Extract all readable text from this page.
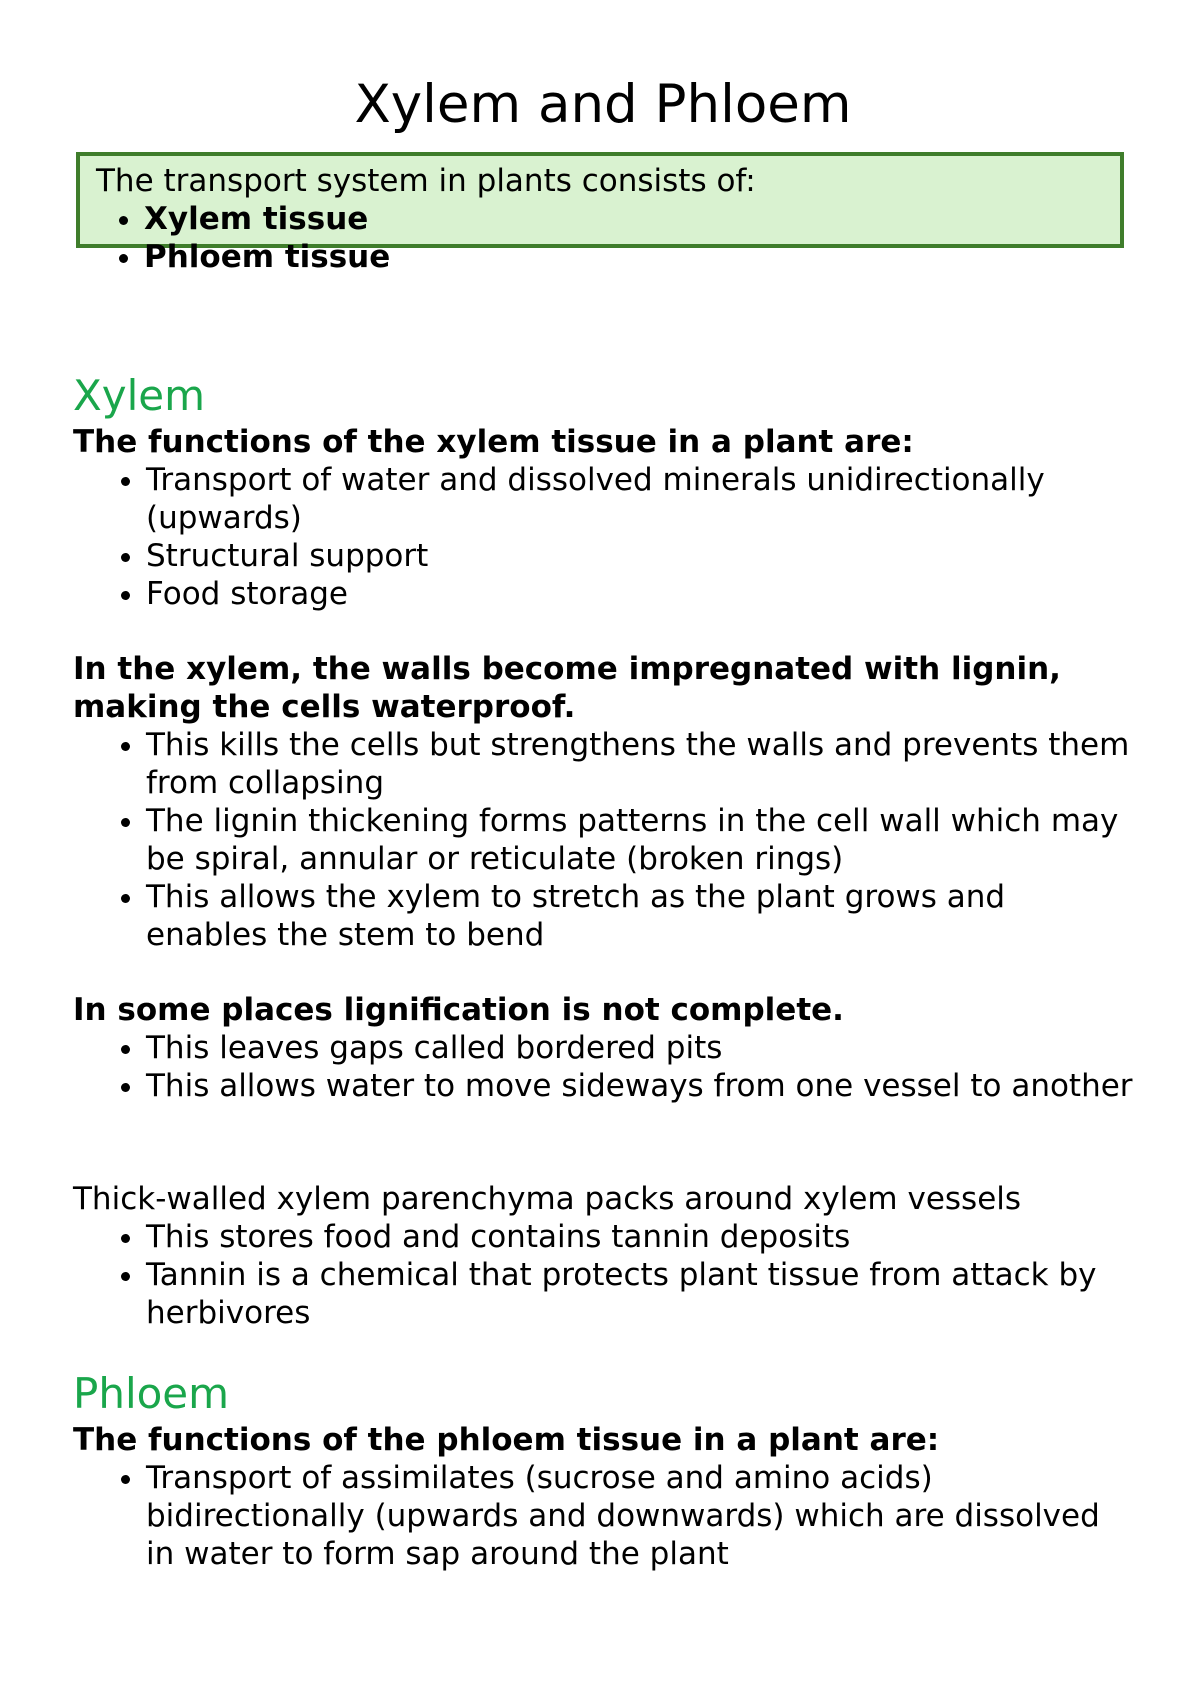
Xylem and Phloem

The transport system in plants consists of:

• Xylem tissue
• Phloem tissue
Xylem

The functions of the xylem tissue in a plant are:

• Transport of water and dissolved minerals unidirectionally (upwards)
• Structural support
• Food storage

In the xylem, the walls become impregnated with lignin, making the cells waterproof.

• This kills the cells but strengthens the walls and prevents them from collapsing
• The lignin thickening forms patterns in the cell wall which may be spiral, annular or reticulate (broken rings)
• This allows the xylem to stretch as the plant grows and enables the stem to bend

In some places lignification is not complete.

• This leaves gaps called bordered pits
• This allows water to move sideways from one vessel to another

Thick-walled xylem parenchyma packs around xylem vessels

• This stores food and contains tannin deposits
• Tannin is a chemical that protects plant tissue from attack by herbivores
Phloem

The functions of the phloem tissue in a plant are:

• Transport of assimilates (sucrose and amino acids) bidirectionally (upwards and downwards) which are dissolved in water to form sap around the plant
